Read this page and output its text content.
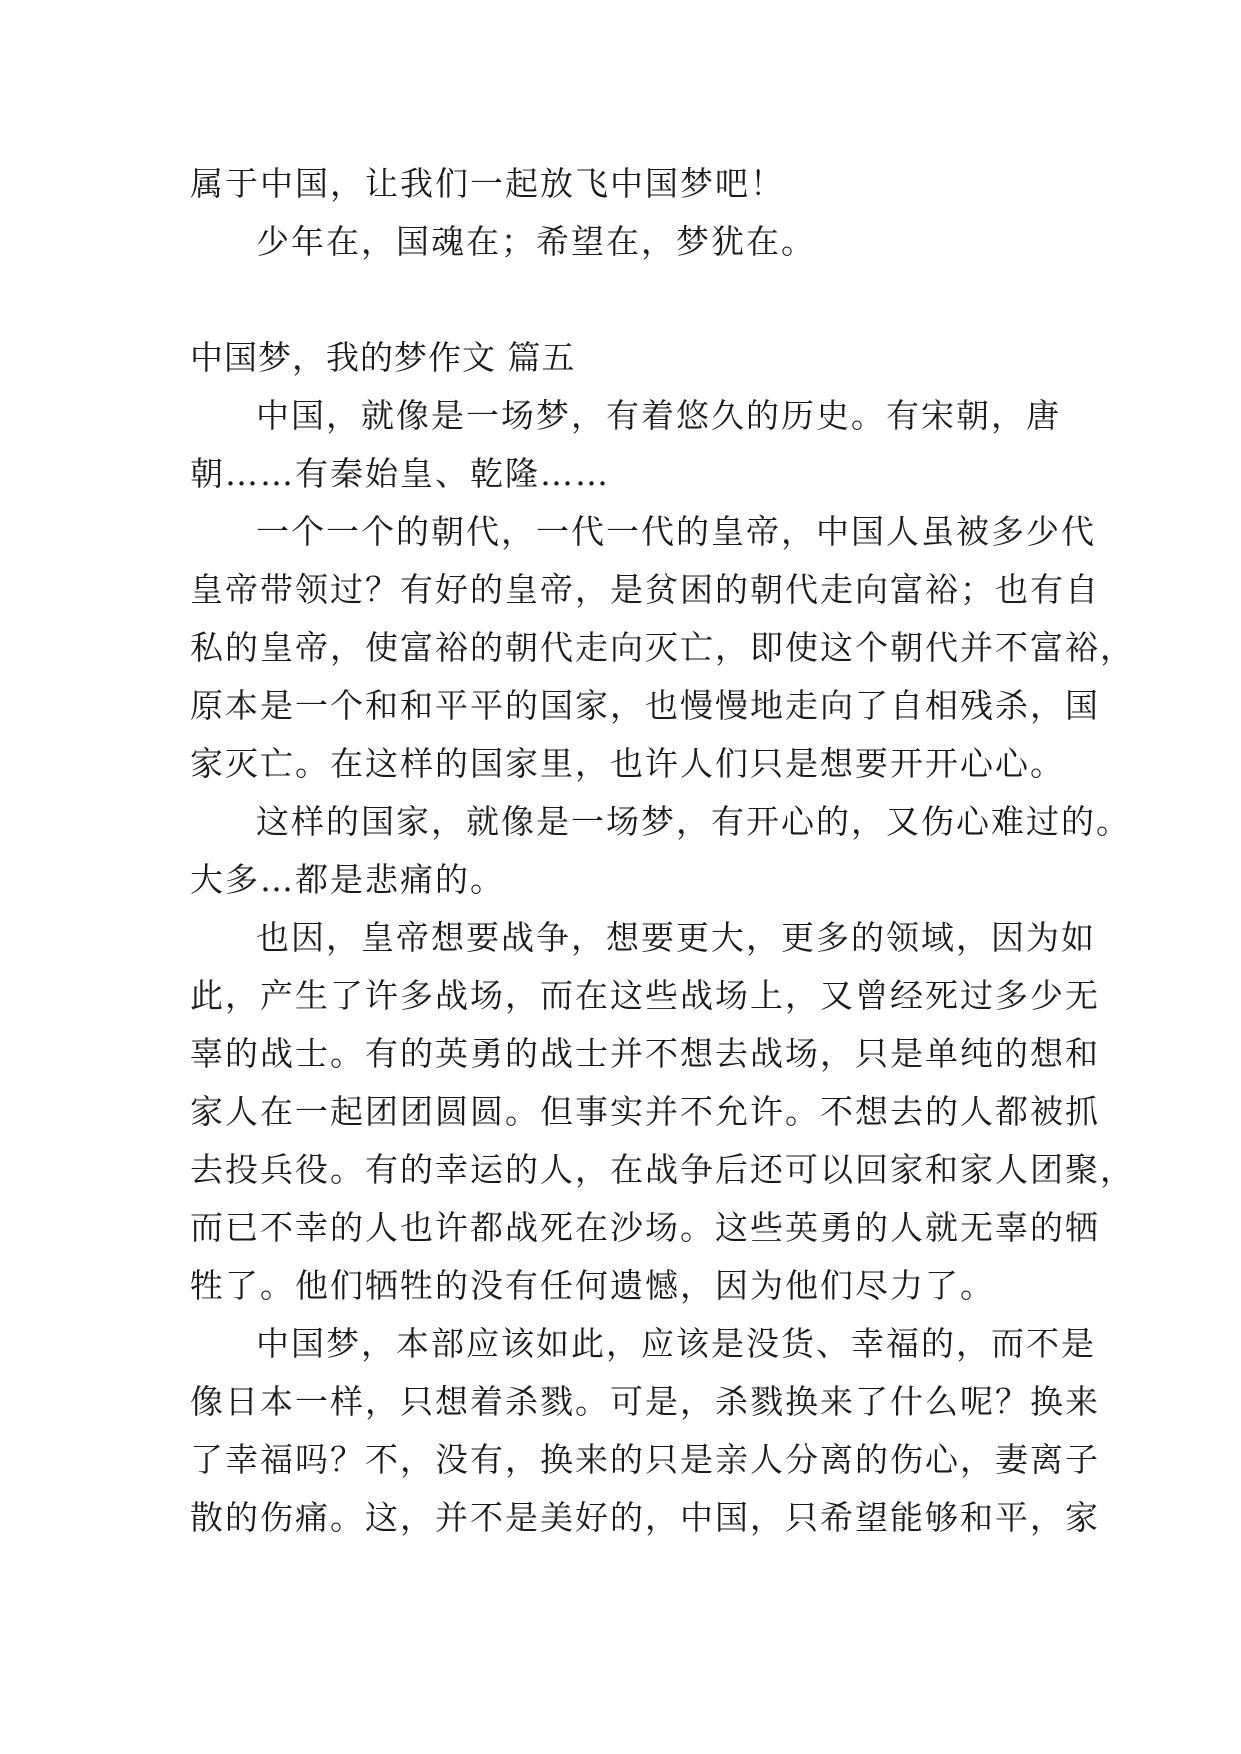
属于中国，让我们一起放飞中国梦吧！
少年在，国魂在；希望在，梦犹在。
中国梦，我的梦作文 篇五
中国，就像是一场梦，有着悠久的历史。有宋朝，唐
朝……有秦始皇、乾隆……
一个一个的朝代，一代一代的皇帝，中国人虽被多少代
皇帝带领过？有好的皇帝，是贫困的朝代走向富裕；也有自
私的皇帝，使富裕的朝代走向灭亡，即使这个朝代并不富裕，
原本是一个和和平平的国家，也慢慢地走向了自相残杀，国
家灭亡。在这样的国家里，也许人们只是想要开开心心。
这样的国家，就像是一场梦，有开心的，又伤心难过的。
大多…都是悲痛的。
也因，皇帝想要战争，想要更大，更多的领域，因为如
此，产生了许多战场，而在这些战场上，又曾经死过多少无
辜的战士。有的英勇的战士并不想去战场，只是单纯的想和
家人在一起团团圆圆。但事实并不允许。不想去的人都被抓
去投兵役。有的幸运的人，在战争后还可以回家和家人团聚，
而已不幸的人也许都战死在沙场。这些英勇的人就无辜的牺
牲了。他们牺牲的没有任何遗憾，因为他们尽力了。
中国梦，本部应该如此，应该是没货、幸福的，而不是
像日本一样，只想着杀戮。可是，杀戮换来了什么呢？换来
了幸福吗？不，没有，换来的只是亲人分离的伤心，妻离子
散的伤痛。这，并不是美好的，中国，只希望能够和平，家
